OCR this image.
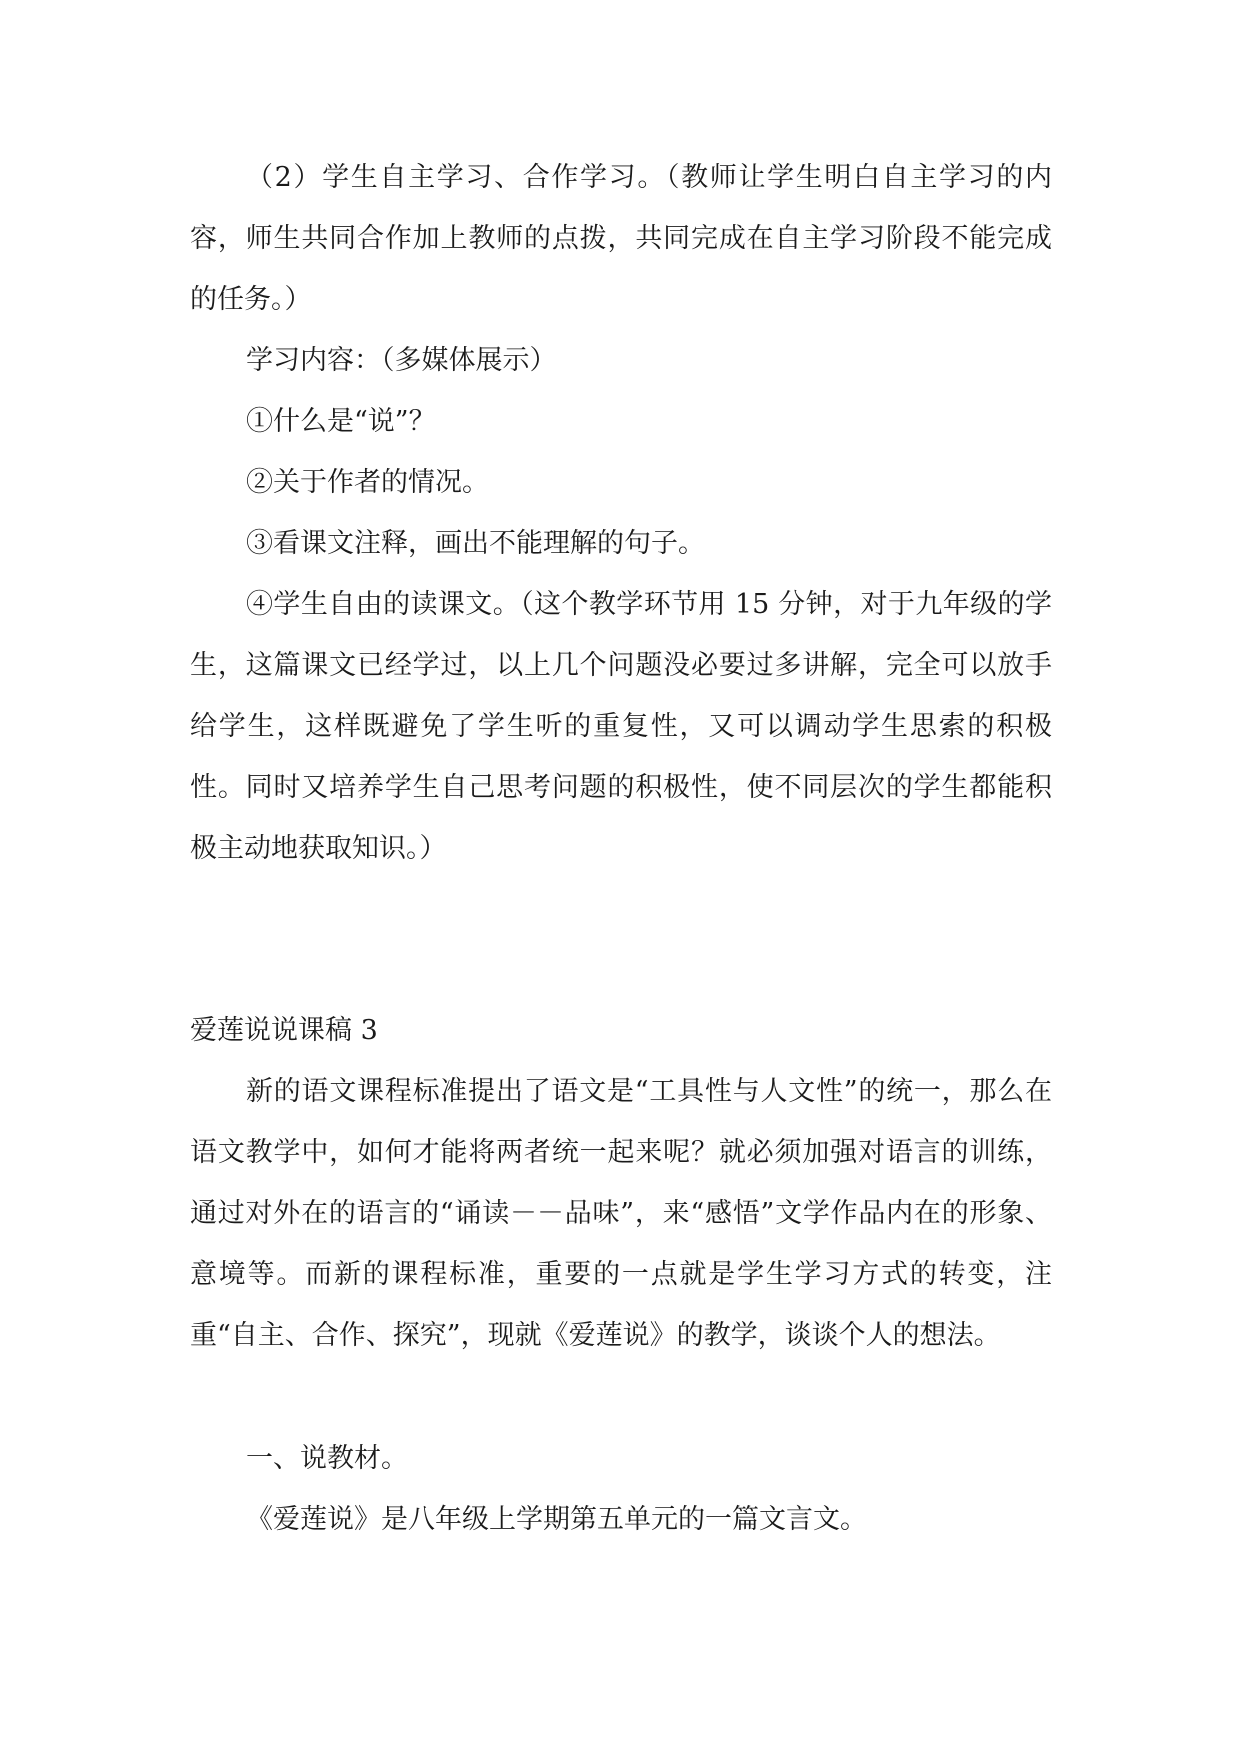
（2）学生自主学习、合作学习。（教师让学生明白自主学习的内容，师生共同合作加上教师的点拨，共同完成在自主学习阶段不能完成的任务。）

学习内容：（多媒体展示）

①什么是“说”？

②关于作者的情况。

③看课文注释，画出不能理解的句子。

④学生自由的读课文。（这个教学环节用 15 分钟，对于九年级的学生，这篇课文已经学过，以上几个问题没必要过多讲解，完全可以放手给学生，这样既避免了学生听的重复性，又可以调动学生思索的积极性。同时又培养学生自己思考问题的积极性，使不同层次的学生都能积极主动地获取知识。）

爱莲说说课稿 3

新的语文课程标准提出了语文是“工具性与人文性”的统一，那么在语文教学中，如何才能将两者统一起来呢？就必须加强对语言的训练，通过对外在的语言的“诵读－－品味”，来“感悟”文学作品内在的形象、意境等。而新的课程标准，重要的一点就是学生学习方式的转变，注重“自主、合作、探究”，现就《爱莲说》的教学，谈谈个人的想法。

一、说教材。

《爱莲说》是八年级上学期第五单元的一篇文言文。
